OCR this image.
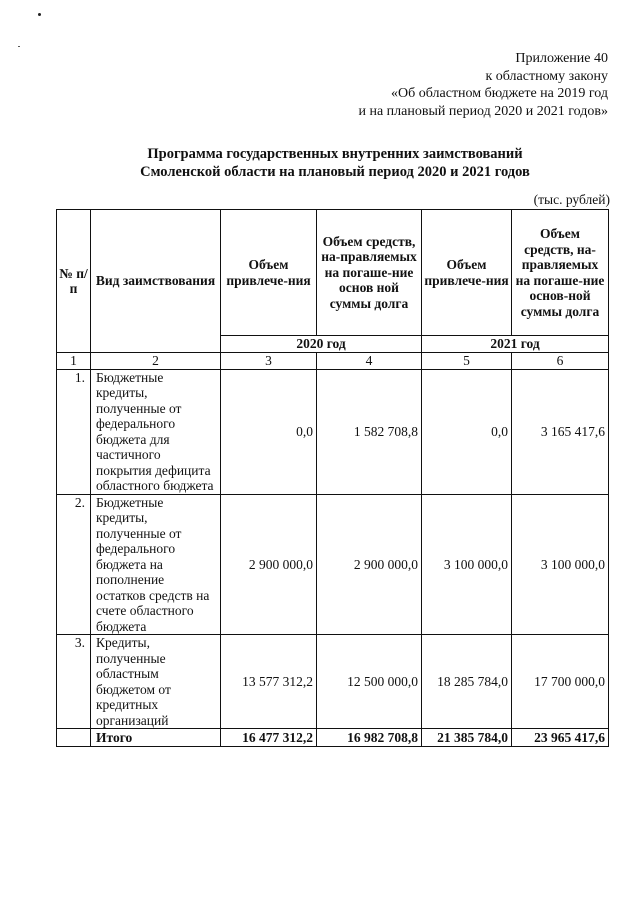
Приложение 40
к областному закону
«Об областном бюджете на 2019 год
и на плановый период 2020 и 2021 годов»
Программа государственных внутренних заимствований
Смоленской области на плановый период 2020 и 2021 годов
(тыс. рублей)
№ п/п	Вид заимствования	Объем привлече-ния	Объем средств, на-правляемых на погаше-ние основ ной суммы долга	Объем привлече-ния	Объем средств, на-правляемых на погаше-ние основ-ной суммы долга
		2020 год		2021 год	
1	2	3	4	5	6
1.	Бюджетные кредиты, полученные от федерального бюджета для частичного покрытия дефицита областного бюджета	0,0	1 582 708,8	0,0	3 165 417,6
2.	Бюджетные кредиты, полученные от федерального бюджета на пополнение остатков средств на счете областного бюджета	2 900 000,0	2 900 000,0	3 100 000,0	3 100 000,0
3.	Кредиты, полученные областным бюджетом от кредитных организаций	13 577 312,2	12 500 000,0	18 285 784,0	17 700 000,0
	Итого	16 477 312,2	16 982 708,8	21 385 784,0	23 965 417,6
